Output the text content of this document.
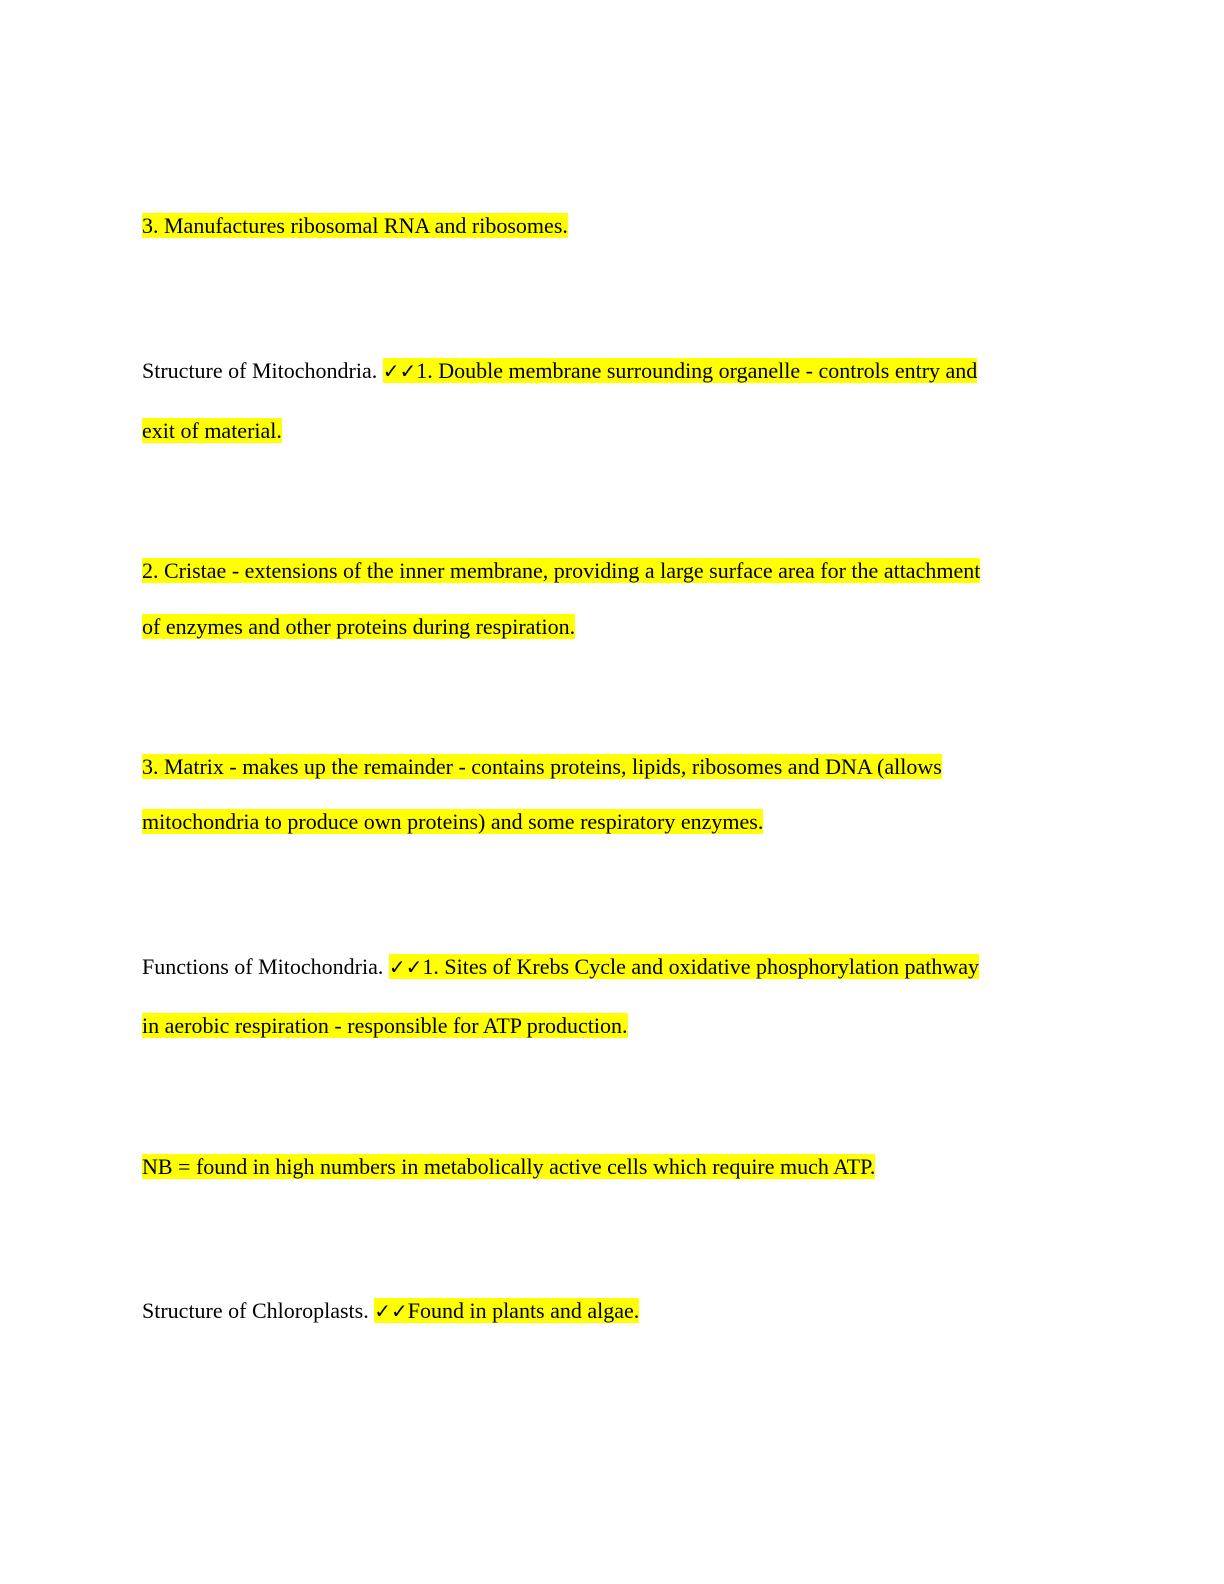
3. Manufactures ribosomal RNA and ribosomes.
Structure of Mitochondria. ✓✓1. Double membrane surrounding organelle - controls entry and
exit of material.
2. Cristae - extensions of the inner membrane, providing a large surface area for the attachment
of enzymes and other proteins during respiration.
3. Matrix - makes up the remainder - contains proteins, lipids, ribosomes and DNA (allows
mitochondria to produce own proteins) and some respiratory enzymes.
Functions of Mitochondria. ✓✓1. Sites of Krebs Cycle and oxidative phosphorylation pathway
in aerobic respiration - responsible for ATP production.
NB = found in high numbers in metabolically active cells which require much ATP.
Structure of Chloroplasts. ✓✓Found in plants and algae.
